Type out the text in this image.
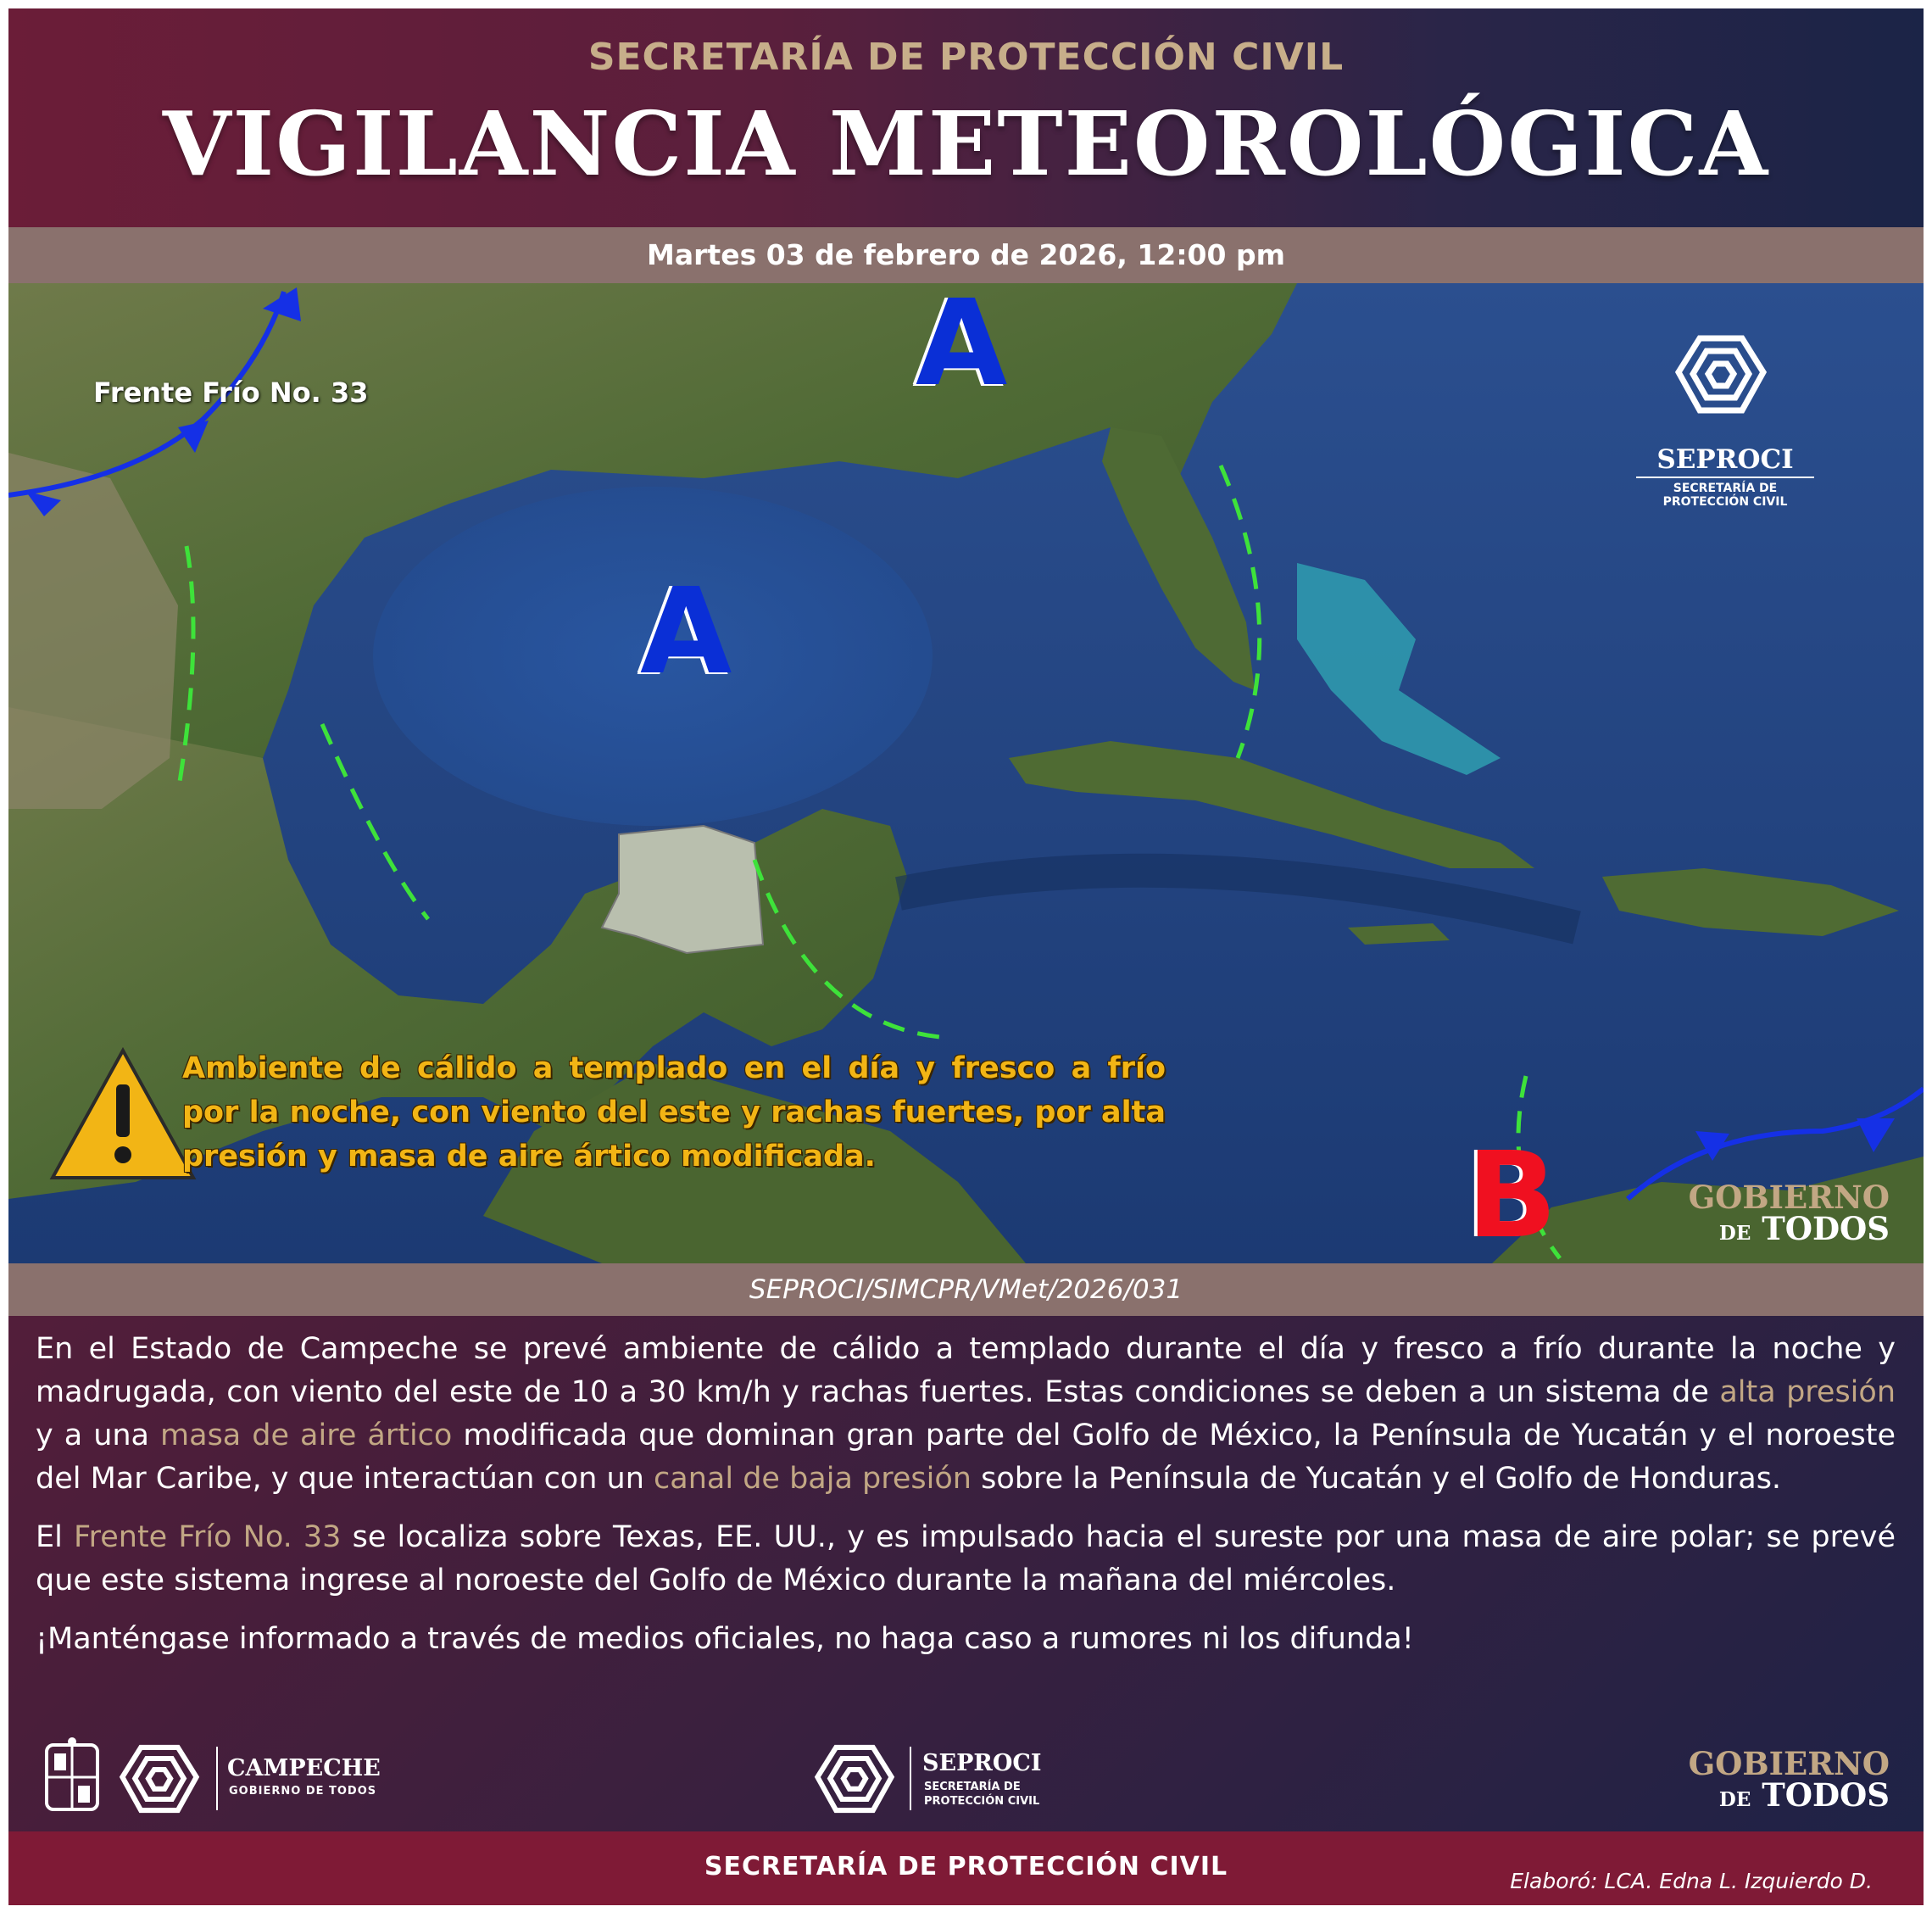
SECRETARÍA DE PROTECCIÓN CIVIL
VIGILANCIA METEOROLÓGICA
Martes 03 de febrero de 2026, 12:00 pm
Frente Frío No. 33	A
A
B
Ambiente de cálido a templado en el día y fresco a frío por la noche, con viento del este y rachas fuertes, por alta presión y masa de aire ártico modificada.
SEPROCI
SECRETARÍA DE
PROTECCIÓN CIVIL
GOBIERNO
DE TODOS
SEPROCI/SIMCPR/VMet/2026/031

En el Estado de Campeche se prevé ambiente de cálido a templado durante el día y fresco a frío durante la noche y madrugada, con viento del este de 10 a 30 km/h y rachas fuertes. Estas condiciones se deben a un sistema de alta presión y a una masa de aire ártico modificada que dominan gran parte del Golfo de México, la Península de Yucatán y el noroeste del Mar Caribe, y que interactúan con un canal de baja presión sobre la Península de Yucatán y el Golfo de Honduras.

El Frente Frío No. 33 se localiza sobre Texas, EE. UU., y es impulsado hacia el sureste por una masa de aire polar; se prevé que este sistema ingrese al noroeste del Golfo de México durante la mañana del miércoles.

¡Manténgase informado a través de medios oficiales, no haga caso a rumores ni los difunda!

CAMPECHE
GOBIERNO DE TODOS
SEPROCI
SECRETARÍA DE
PROTECCIÓN CIVIL
GOBIERNO
DE TODOS
SECRETARÍA DE PROTECCIÓN CIVIL	Elaboró: LCA. Edna L. Izquierdo D.
